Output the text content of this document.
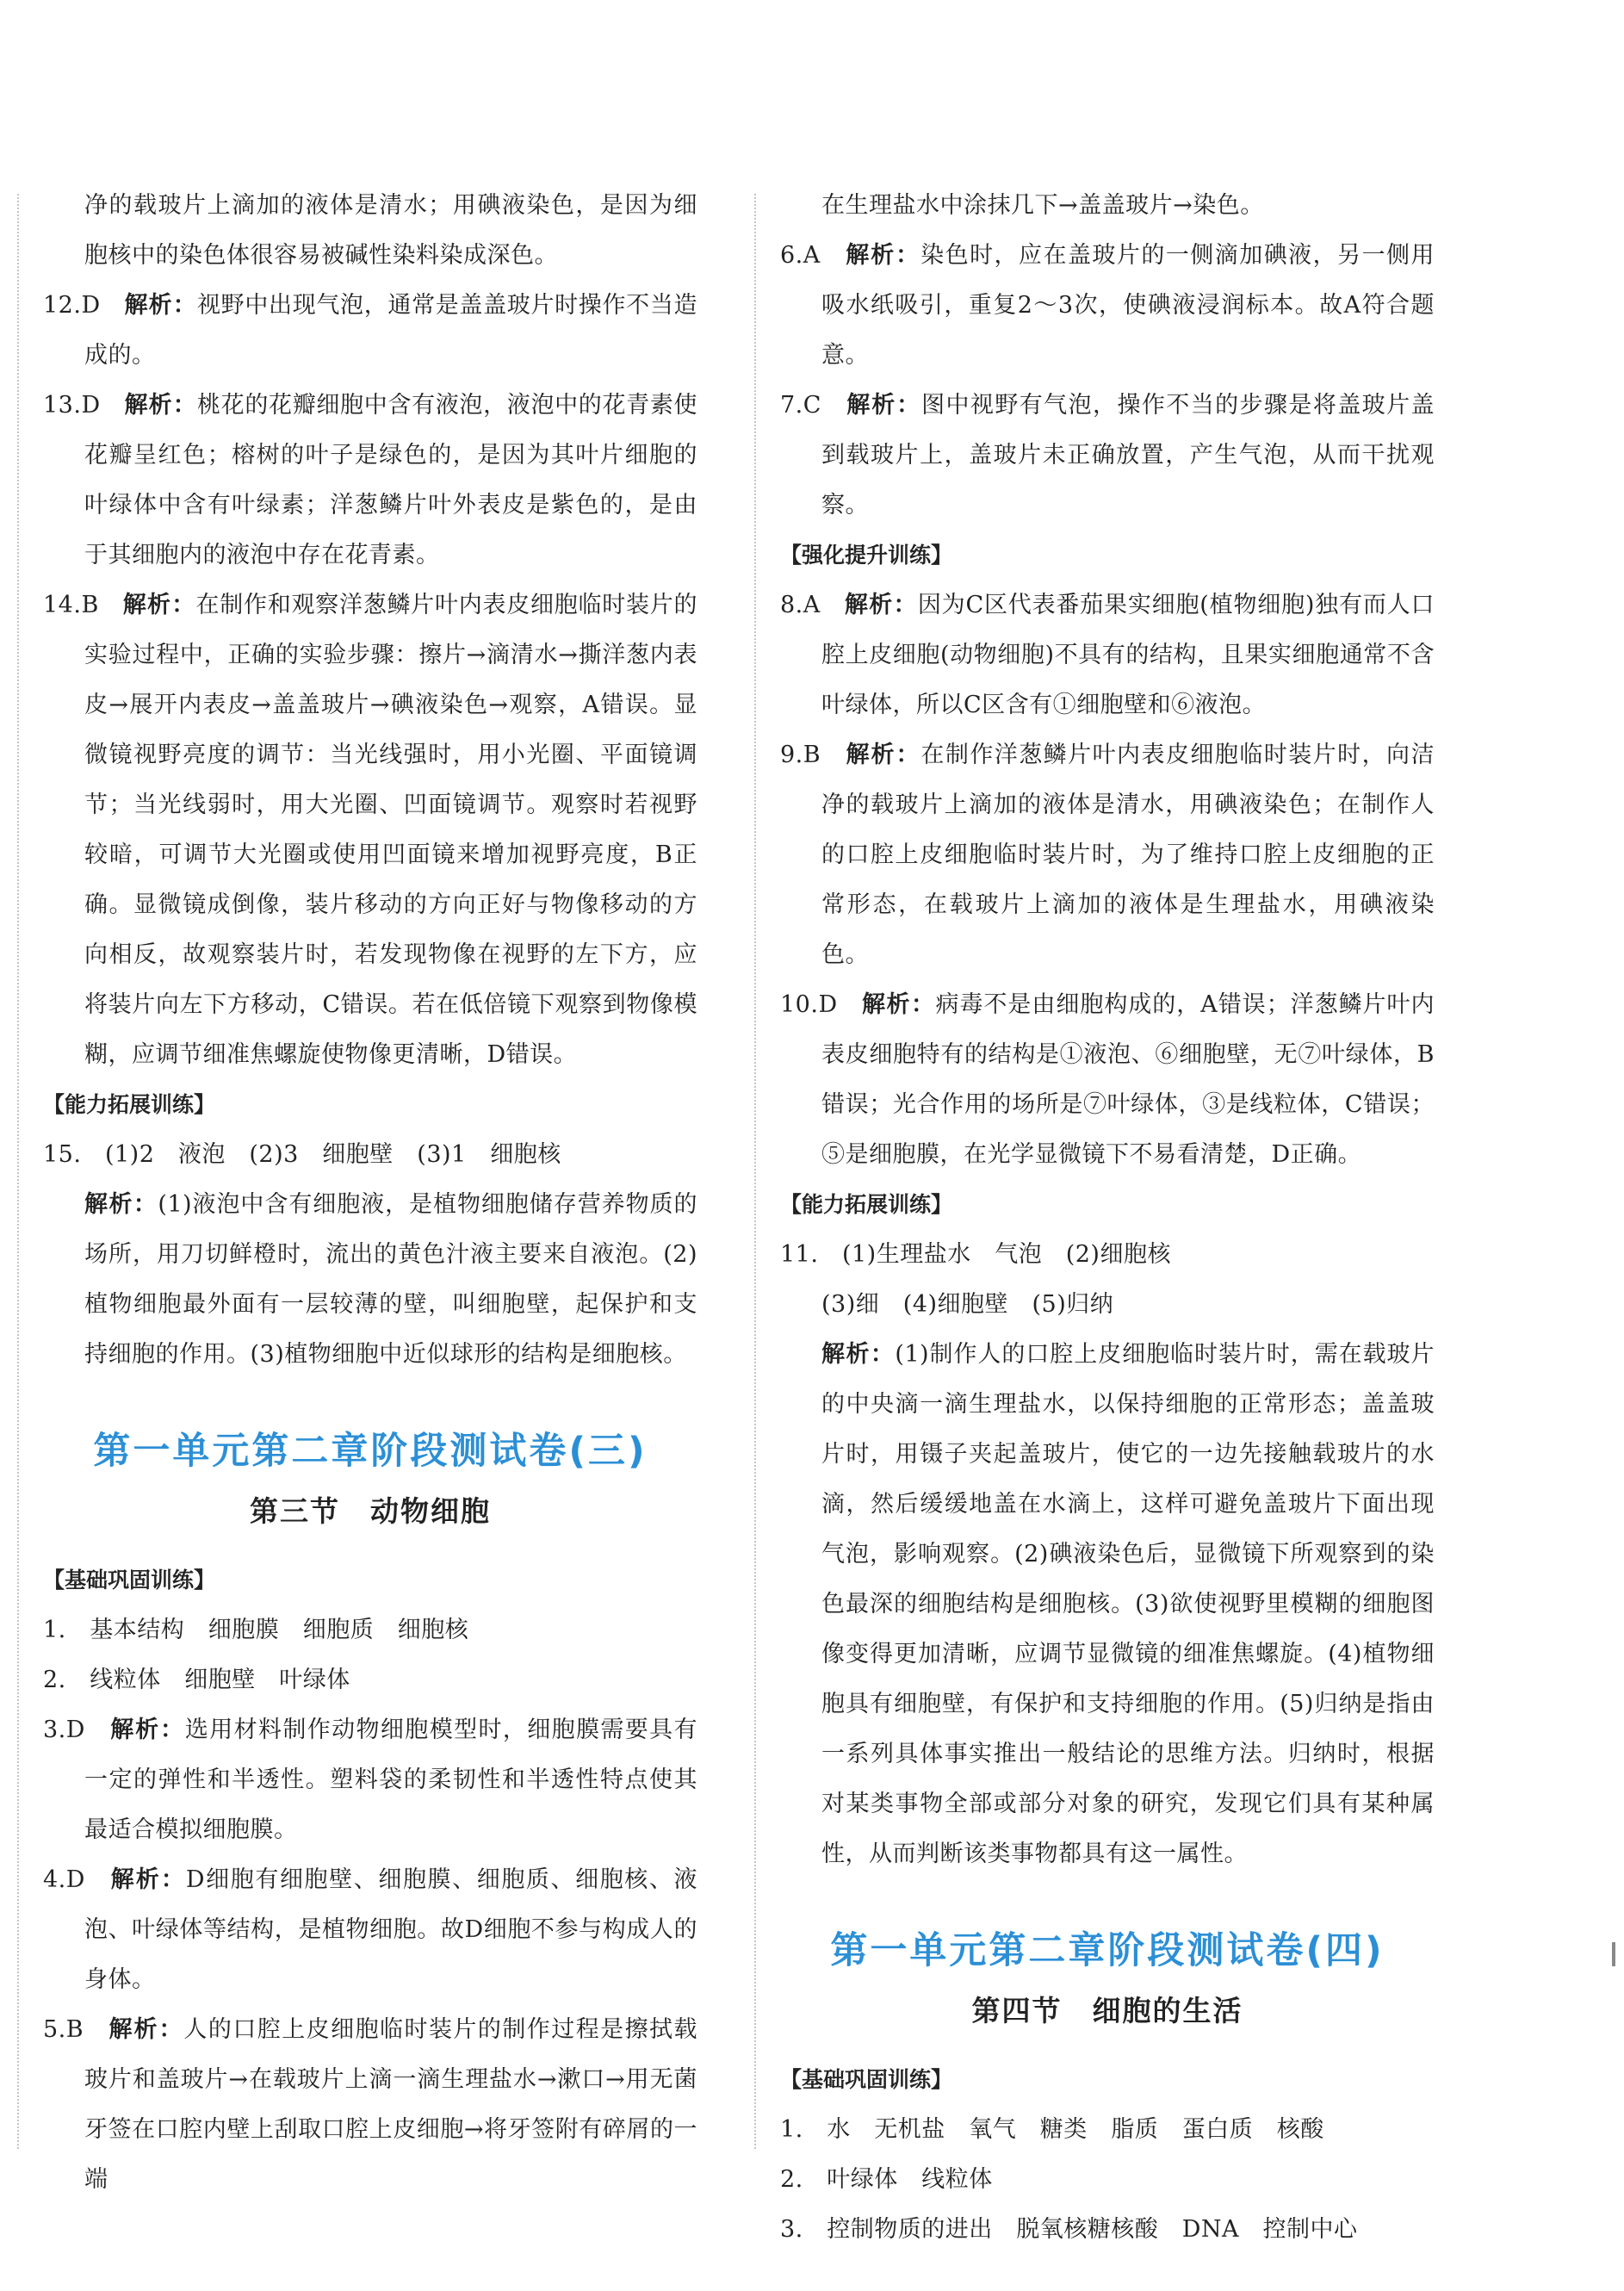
净的载玻片上滴加的液体是清水；用碘液染色，是因为细胞核中的染色体很容易被碱性染料染成深色。

12.D　 解析：视野中出现气泡，通常是盖盖玻片时操作不当造成的。

13.D　 解析：桃花的花瓣细胞中含有液泡，液泡中的花青素使花瓣呈红色；榕树的叶子是绿色的，是因为其叶片细胞的叶绿体中含有叶绿素；洋葱鳞片叶外表皮是紫色的，是由于其细胞内的液泡中存在花青素。

14.B　 解析：在制作和观察洋葱鳞片叶内表皮细胞临时装片的实验过程中，正确的实验步骤：擦片→滴清水→撕洋葱内表皮→展开内表皮→盖盖玻片→碘液染色→观察，A错误。显微镜视野亮度的调节：当光线强时，用小光圈、平面镜调节；当光线弱时，用大光圈、凹面镜调节。观察时若视野较暗，可调节大光圈或使用凹面镜来增加视野亮度，B正确。显微镜成倒像，装片移动的方向正好与物像移动的方向相反，故观察装片时，若发现物像在视野的左下方，应将装片向左下方移动，C错误。若在低倍镜下观察到物像模糊，应调节细准焦螺旋使物像更清晰，D错误。

【能力拓展训练】

15.　 (1)2　液泡　(2)3　细胞壁　(3)1　细胞核

解析：(1)液泡中含有细胞液，是植物细胞储存营养物质的场所，用刀切鲜橙时，流出的黄色汁液主要来自液泡。(2)植物细胞最外面有一层较薄的壁，叫细胞壁，起保护和支持细胞的作用。(3)植物细胞中近似球形的结构是细胞核。

第一单元第二章阶段测试卷(三)
第三节　动物细胞
【基础巩固训练】

1.　 基本结构　细胞膜　细胞质　细胞核

2.　 线粒体　细胞壁　叶绿体

3.D　 解析：选用材料制作动物细胞模型时，细胞膜需要具有一定的弹性和半透性。塑料袋的柔韧性和半透性特点使其最适合模拟细胞膜。

4.D　 解析：D细胞有细胞壁、细胞膜、细胞质、细胞核、液泡、叶绿体等结构，是植物细胞。故D细胞不参与构成人的身体。

5.B　 解析：人的口腔上皮细胞临时装片的制作过程是擦拭载玻片和盖玻片→在载玻片上滴一滴生理盐水→漱口→用无菌牙签在口腔内壁上刮取口腔上皮细胞→将牙签附有碎屑的一端

在生理盐水中涂抹几下→盖盖玻片→染色。

6.A　 解析：染色时，应在盖玻片的一侧滴加碘液，另一侧用吸水纸吸引，重复2～3次，使碘液浸润标本。故A符合题意。

7.C　 解析：图中视野有气泡，操作不当的步骤是将盖玻片盖到载玻片上，盖玻片未正确放置，产生气泡，从而干扰观察。

【强化提升训练】

8.A　 解析：因为C区代表番茄果实细胞(植物细胞)独有而人口腔上皮细胞(动物细胞)不具有的结构，且果实细胞通常不含叶绿体，所以C区含有①细胞壁和⑥液泡。

9.B　 解析：在制作洋葱鳞片叶内表皮细胞临时装片时，向洁净的载玻片上滴加的液体是清水，用碘液染色；在制作人的口腔上皮细胞临时装片时，为了维持口腔上皮细胞的正常形态，在载玻片上滴加的液体是生理盐水，用碘液染色。

10.D　 解析：病毒不是由细胞构成的，A错误；洋葱鳞片叶内表皮细胞特有的结构是①液泡、⑥细胞壁，无⑦叶绿体，B错误；光合作用的场所是⑦叶绿体，③是线粒体，C错误；⑤是细胞膜，在光学显微镜下不易看清楚，D正确。

【能力拓展训练】

11.　 (1)生理盐水　气泡　(2)细胞核

(3)细　(4)细胞壁　(5)归纳

解析：(1)制作人的口腔上皮细胞临时装片时，需在载玻片的中央滴一滴生理盐水，以保持细胞的正常形态；盖盖玻片时，用镊子夹起盖玻片，使它的一边先接触载玻片的水滴，然后缓缓地盖在水滴上，这样可避免盖玻片下面出现气泡，影响观察。(2)碘液染色后，显微镜下所观察到的染色最深的细胞结构是细胞核。(3)欲使视野里模糊的细胞图像变得更加清晰，应调节显微镜的细准焦螺旋。(4)植物细胞具有细胞壁，有保护和支持细胞的作用。(5)归纳是指由一系列具体事实推出一般结论的思维方法。归纳时，根据对某类事物全部或部分对象的研究，发现它们具有某种属性，从而判断该类事物都具有这一属性。

第一单元第二章阶段测试卷(四)
第四节　细胞的生活
【基础巩固训练】

1.　 水　无机盐　氧气　糖类　脂质　蛋白质　核酸

2.　 叶绿体　线粒体

3.　 控制物质的进出　脱氧核糖核酸　DNA　控制中心
